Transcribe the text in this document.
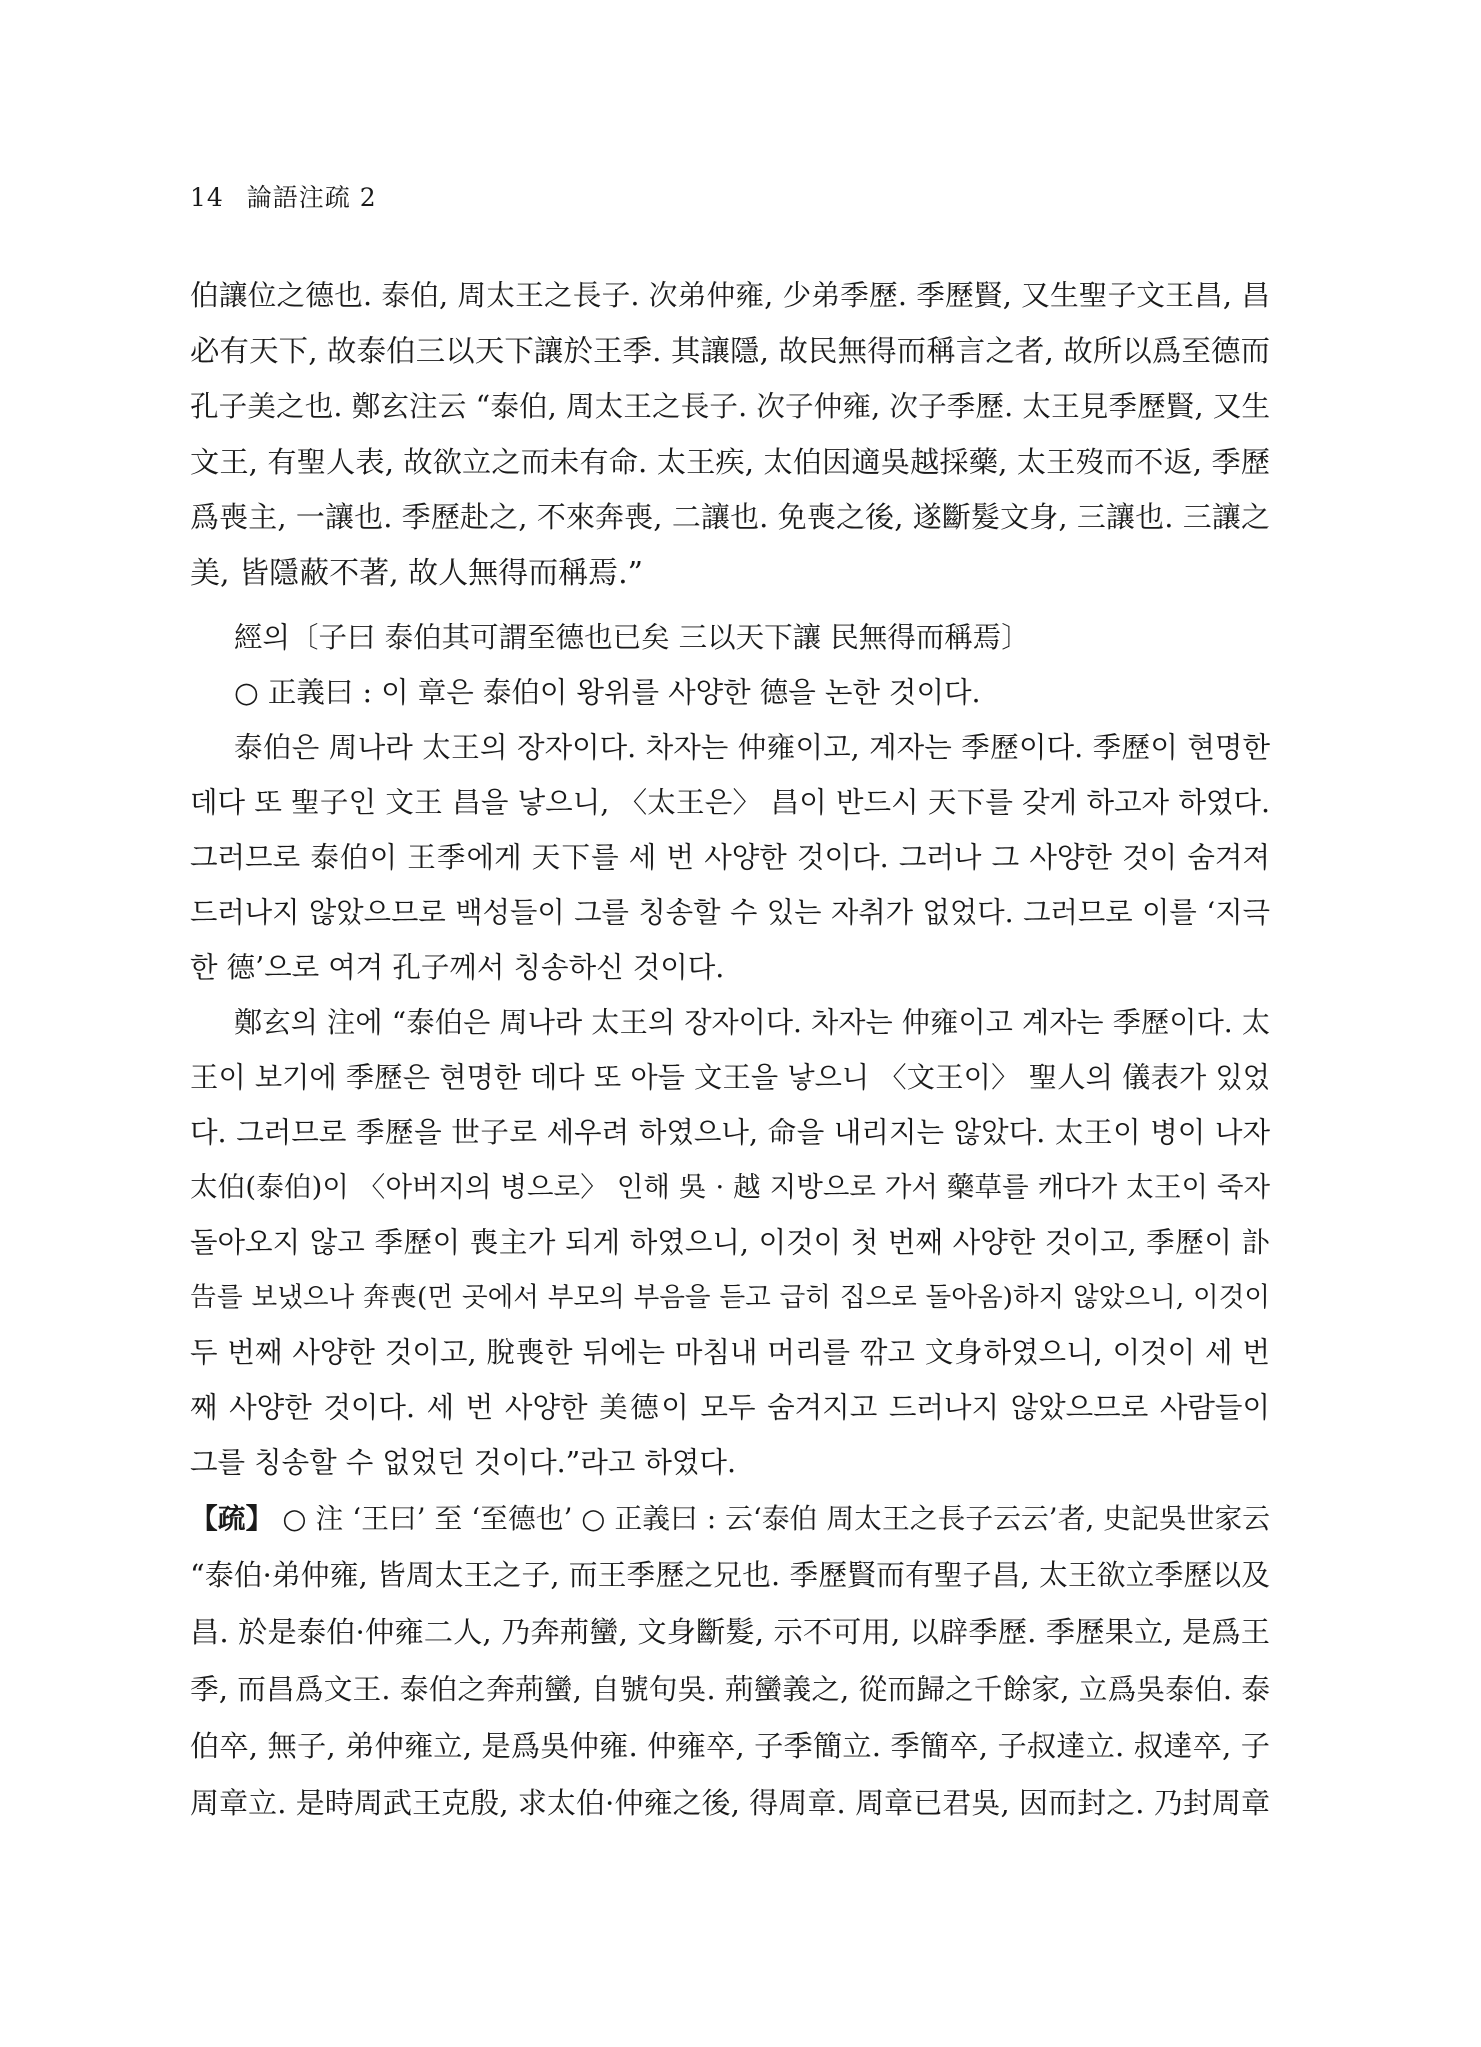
14 論語注疏 2
伯讓位之德也. 泰伯, 周太王之長子. 次弟仲雍, 少弟季歷. 季歷賢, 又生聖子文王昌, 昌
必有天下, 故泰伯三以天下讓於王季. 其讓隱, 故民無得而稱言之者, 故所以爲至德而
孔子美之也. 鄭玄注云 “泰伯, 周太王之長子. 次子仲雍, 次子季歷. 太王見季歷賢, 又生
文王, 有聖人表, 故欲立之而未有命. 太王疾, 太伯因適吳越採藥, 太王歿而不返, 季歷
爲喪主, 一讓也. 季歷赴之, 不來奔喪, 二讓也. 免喪之後, 遂斷髮文身, 三讓也. 三讓之
美, 皆隱蔽不著, 故人無得而稱焉.”
經의〔子曰 泰伯其可謂至德也已矣 三以天下讓 民無得而稱焉〕
○ 正義曰 : 이 章은 泰伯이 왕위를 사양한 德을 논한 것이다.
泰伯은 周나라 太王의 장자이다. 차자는 仲雍이고, 계자는 季歷이다. 季歷이 현명한
데다 또 聖子인 文王 昌을 낳으니, 〈太王은〉 昌이 반드시 天下를 갖게 하고자 하였다.
그러므로 泰伯이 王季에게 天下를 세 번 사양한 것이다. 그러나 그 사양한 것이 숨겨져
드러나지 않았으므로 백성들이 그를 칭송할 수 있는 자취가 없었다. 그러므로 이를 ‘지극
한 德’으로 여겨 孔子께서 칭송하신 것이다.
鄭玄의 注에 “泰伯은 周나라 太王의 장자이다. 차자는 仲雍이고 계자는 季歷이다. 太
王이 보기에 季歷은 현명한 데다 또 아들 文王을 낳으니 〈文王이〉 聖人의 儀表가 있었
다. 그러므로 季歷을 世子로 세우려 하였으나, 命을 내리지는 않았다. 太王이 병이 나자
太伯(泰伯)이 〈아버지의 병으로〉 인해 吳 · 越 지방으로 가서 藥草를 캐다가 太王이 죽자
돌아오지 않고 季歷이 喪主가 되게 하였으니, 이것이 첫 번째 사양한 것이고, 季歷이 訃
告를 보냈으나 奔喪(먼 곳에서 부모의 부음을 듣고 급히 집으로 돌아옴)하지 않았으니, 이것이
두 번째 사양한 것이고, 脫喪한 뒤에는 마침내 머리를 깎고 文身하였으니, 이것이 세 번
째 사양한 것이다. 세 번 사양한 美德이 모두 숨겨지고 드러나지 않았으므로 사람들이
그를 칭송할 수 없었던 것이다.”라고 하였다.
【疏】 ○ 注 ‘王曰’ 至 ‘至德也’ ○ 正義曰 : 云‘泰伯 周太王之長子云云’者, 史記吳世家云
“泰伯·弟仲雍, 皆周太王之子, 而王季歷之兄也. 季歷賢而有聖子昌, 太王欲立季歷以及
昌. 於是泰伯·仲雍二人, 乃奔荊蠻, 文身斷髮, 示不可用, 以辟季歷. 季歷果立, 是爲王
季, 而昌爲文王. 泰伯之奔荊蠻, 自號句吳. 荊蠻義之, 從而歸之千餘家, 立爲吳泰伯. 泰
伯卒, 無子, 弟仲雍立, 是爲吳仲雍. 仲雍卒, 子季簡立. 季簡卒, 子叔達立. 叔達卒, 子
周章立. 是時周武王克殷, 求太伯·仲雍之後, 得周章. 周章已君吳, 因而封之. 乃封周章
